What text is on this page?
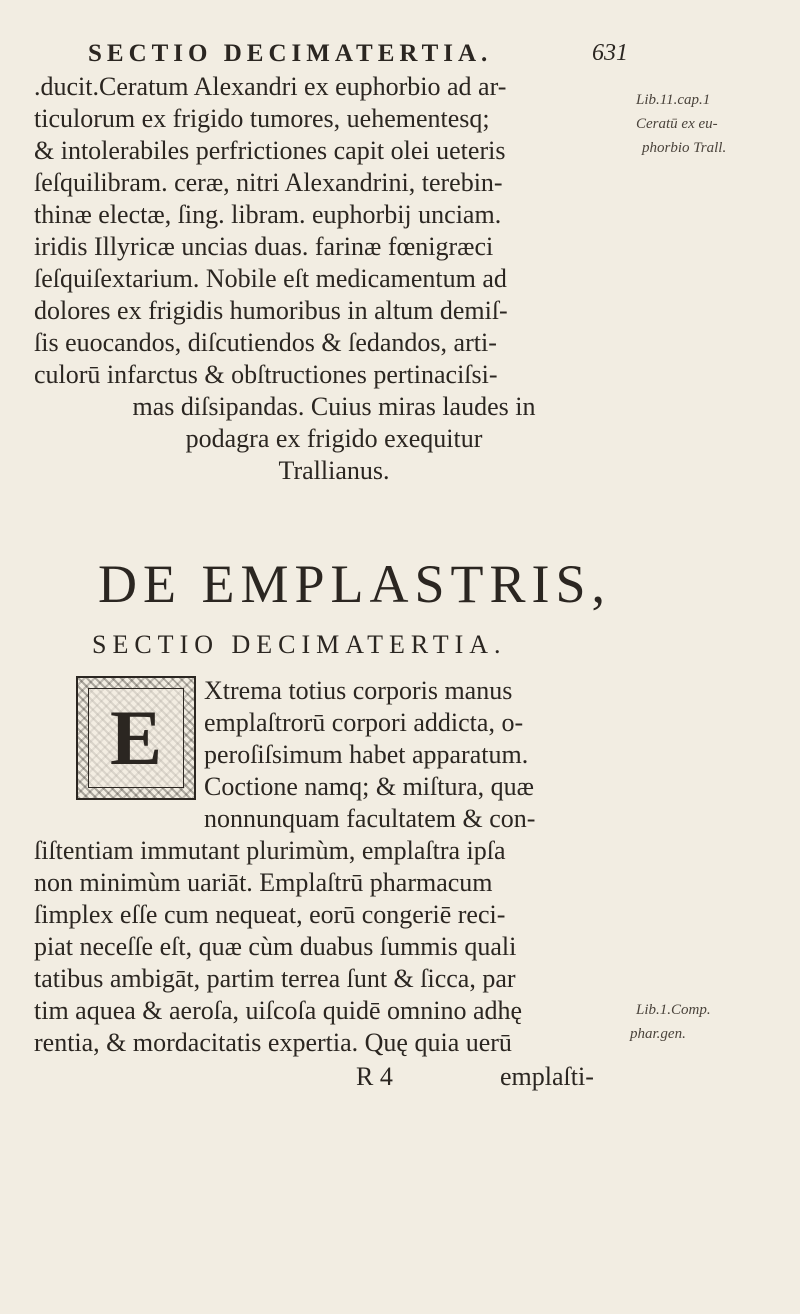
SECTIO DECIMATERTIA.	631
.ducit.Ceratum Alexandri ex euphorbio ad ar-
ticulorum ex frigido tumores, uehementesq;
& intolerabiles perfrictiones capit olei ueteris
ſeſquilibram. ceræ, nitri Alexandrini, terebin-
thinæ electæ, ſing. libram. euphorbij unciam.
iridis Illyricæ uncias duas. farinæ fœnigræci
ſeſquiſextarium. Nobile eſt medicamentum ad
dolores ex frigidis humoribus in altum demiſ-
ſis euocandos, diſcutiendos & ſedandos, arti-
culorū infarctus & obſtructiones pertinaciſsi-
mas diſsipandas. Cuius miras laudes in
podagra ex frigido exequitur
Trallianus.
Lib.11.cap.1
Ceratū ex eu-
phorbio Trall.
DE EMPLASTRIS,
SECTIO DECIMATERTIA.
E
Xtrema totius corporis manus
emplaſtrorū corpori addicta, o-
peroſiſsimum habet apparatum.
Coctione namq; & miſtura, quæ
nonnunquam facultatem & con-
ſiſtentiam immutant plurimùm, emplaſtra ipſa
non minimùm uariāt. Emplaſtrū pharmacum
ſimplex eſſe cum nequeat, eorū congeriē reci-
piat neceſſe eſt, quæ cùm duabus ſummis quali
tatibus ambigāt, partim terrea ſunt & ſicca, par
tim aquea & aeroſa, uiſcoſa quidē omnino adhę
rentia, & mordacitatis expertia. Quę quia uerū
Lib.1.Comp.
phar.gen.
R 4	emplaſti-
